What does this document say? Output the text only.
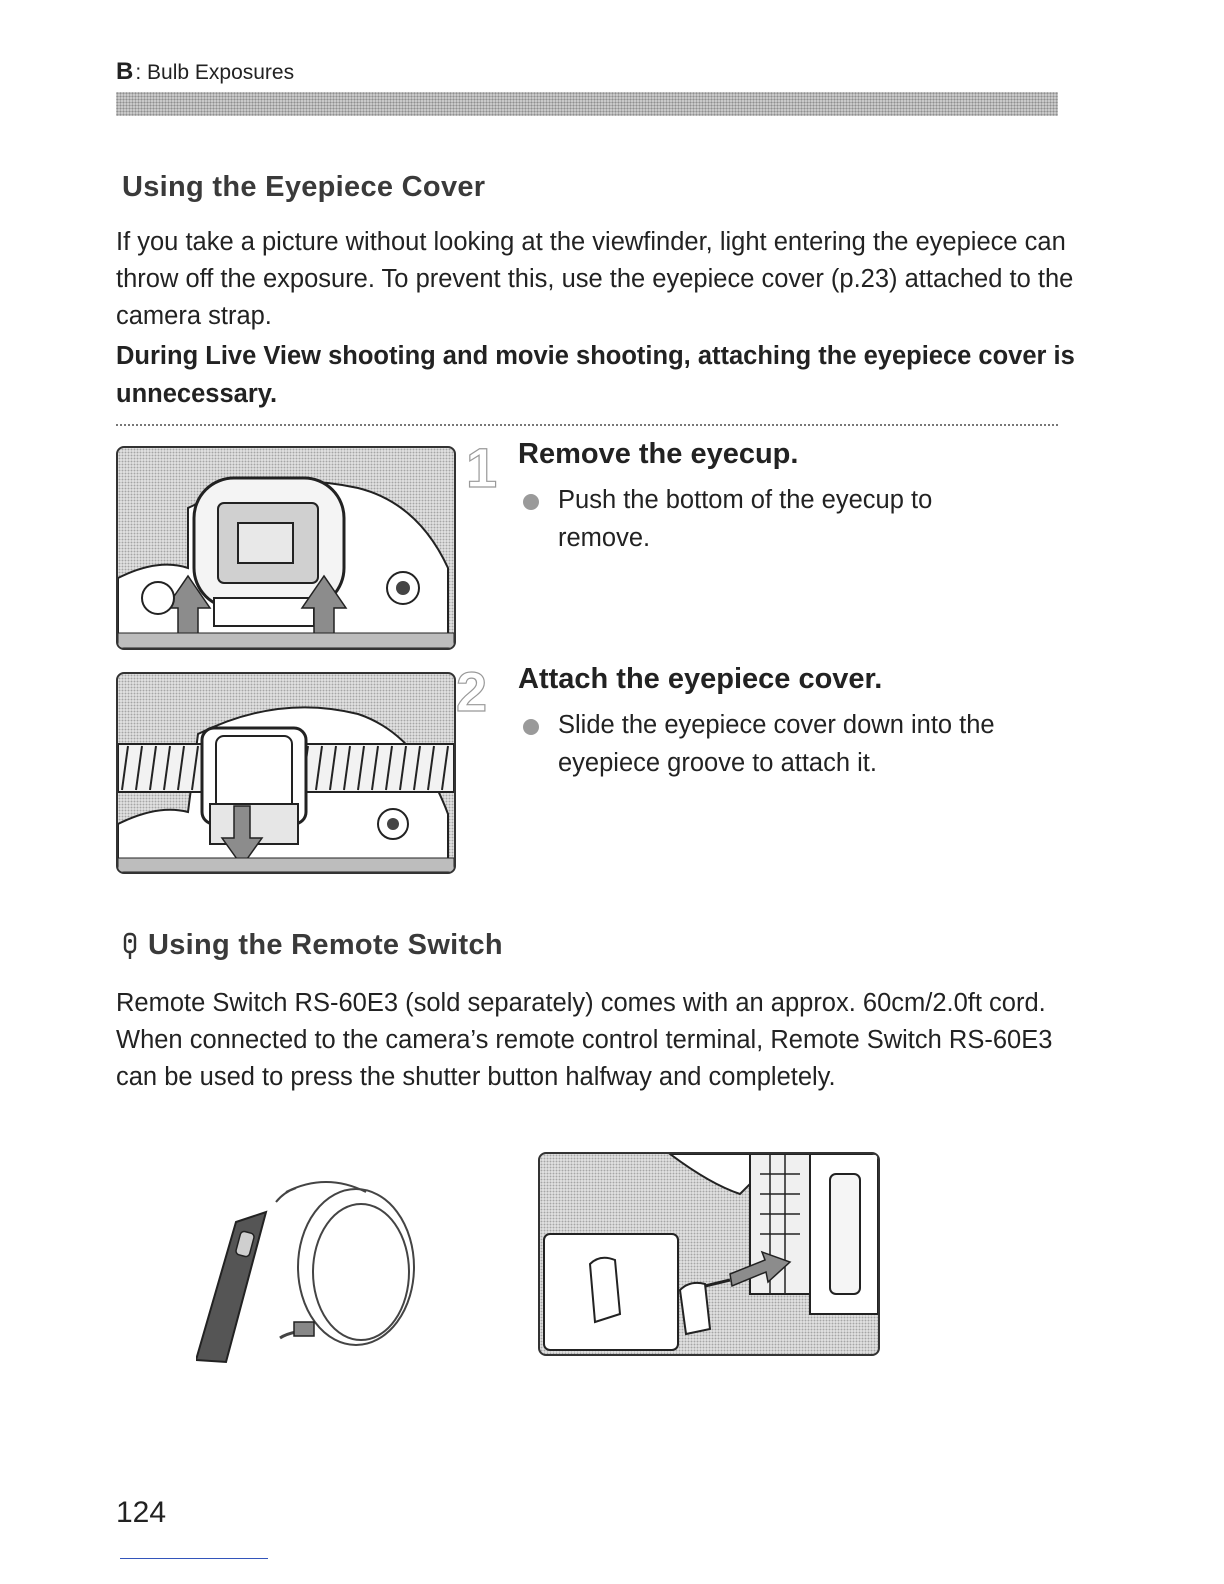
B: Bulb Exposures
Using the Eyepiece Cover
If you take a picture without looking at the viewfinder, light entering the eyepiece can throw off the exposure. To prevent this, use the eyepiece cover (p.23) attached to the camera strap.
During Live View shooting and movie shooting, attaching the eyepiece cover is unnecessary.
1 Remove the eyecup.
Push the bottom of the eyecup to remove.
2 Attach the eyepiece cover.
Slide the eyepiece cover down into the eyepiece groove to attach it.
Using the Remote Switch
Remote Switch RS-60E3 (sold separately) comes with an approx. 60cm/2.0ft cord. When connected to the camera’s remote control terminal, Remote Switch RS-60E3 can be used to press the shutter button halfway and completely.
124
